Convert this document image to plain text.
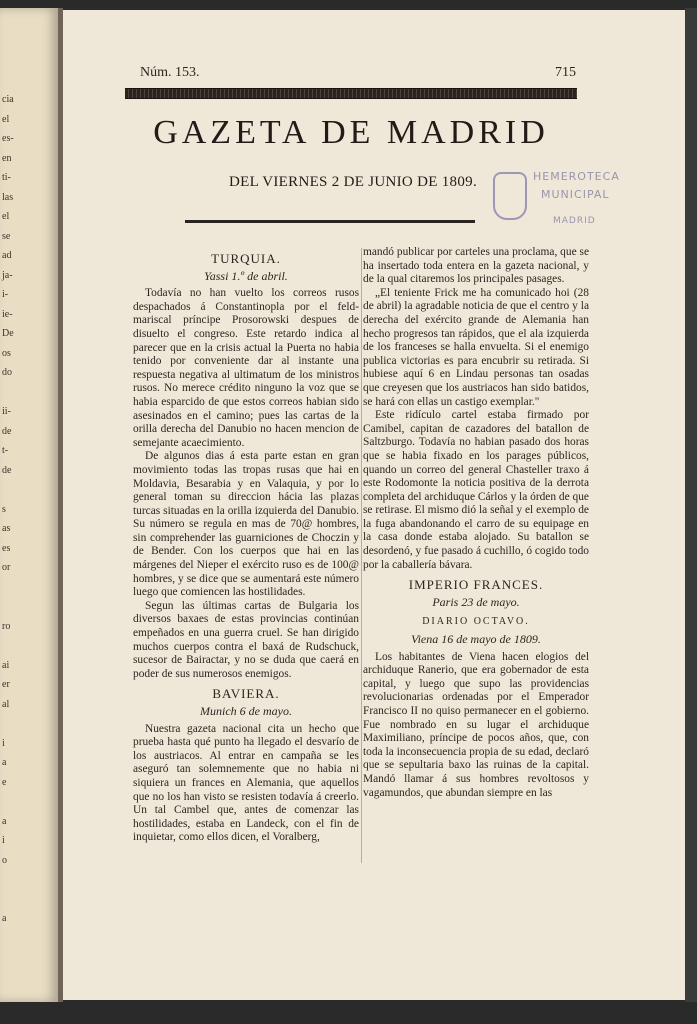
cia
el
es-
en
ti-
las
el
se
ad
ja-
i-
ie-
De
os
do
ii-
de
t-
de
s
as
es
or
ro
ai
er
al
i
a
e
a
i
o
a
Núm. 153.	715
GAZETA DE MADRID
DEL VIERNES 2 DE JUNIO DE 1809.	HEMEROTECA
MUNICIPAL
MADRID
TURQUIA.
Yassi 1.º de abril.

Todavía no han vuelto los correos rusos despachados á Constantinopla por el feld-mariscal príncipe Prosorowski despues de disuelto el congreso. Este retardo indica al parecer que en la crisis actual la Puerta no habia tenido por conveniente dar al instante una respuesta negativa al ultimatum de los ministros rusos. No merece crédito ninguno la voz que se habia esparcido de que estos correos habian sido asesinados en el camino; pues las cartas de la orilla derecha del Danubio no hacen mencion de semejante acaecimiento.

De algunos dias á esta parte estan en gran movimiento todas las tropas rusas que hai en Moldavia, Besarabia y en Valaquia, y por lo general toman su direccion hácia las plazas turcas situadas en la orilla izquierda del Danubio. Su número se regula en mas de 70@ hombres, sin comprehender las guarniciones de Choczin y de Bender. Con los cuerpos que hai en las márgenes del Nieper el exército ruso es de 100@ hombres, y se dice que se aumentará este número luego que comiencen las hostilidades.

Segun las últimas cartas de Bulgaria los diversos baxaes de estas provincias continúan empeñados en una guerra cruel. Se han dirigido muchos cuerpos contra el baxá de Rudschuck, sucesor de Bairactar, y no se duda que caerá en poder de sus numerosos enemigos.

BAVIERA.
Munich 6 de mayo.

Nuestra gazeta nacional cita un hecho que prueba hasta qué punto ha llegado el desvarío de los austriacos. Al entrar en campaña se les aseguró tan solemnemente que no habia ni siquiera un frances en Alemania, que aquellos que no los han visto se resisten todavía á creerlo. Un tal Cambel que, antes de comenzar las hostilidades, estaba en Landeck, con el fin de inquietar, como ellos dicen, el Voralberg,

mandó publicar por carteles una proclama, que se ha insertado toda entera en la gazeta nacional, y de la qual citaremos los principales pasages.

„El teniente Frick me ha comunicado hoi (28 de abril) la agradable noticia de que el centro y la derecha del exército grande de Alemania han hecho progresos tan rápidos, que el ala izquierda de los franceses se halla envuelta. Si el enemigo publica victorias es para encubrir su retirada. Si hubiese aquí 6 en Lindau personas tan osadas que creyesen que los austriacos han sido batidos, se hará con ellas un castigo exemplar."

Este ridículo cartel estaba firmado por Camibel, capitan de cazadores del batallon de Saltzburgo. Todavía no habian pasado dos horas que se habia fixado en los parages públicos, quando un correo del general Chasteller traxo á este Rodomonte la noticia positiva de la derrota completa del archiduque Cárlos y la órden de que se retirase. El mismo dió la señal y el exemplo de la fuga abandonando el carro de su equipage en la casa donde estaba alojado. Su batallon se desordenó, y fue pasado á cuchillo, ó cogido todo por la caballería bávara.

IMPERIO FRANCES.
Paris 23 de mayo.
DIARIO OCTAVO.
Viena 16 de mayo de 1809.

Los habitantes de Viena hacen elogios del archiduque Ranerio, que era gobernador de esta capital, y luego que supo las providencias revolucionarias ordenadas por el Emperador Francisco II no quiso permanecer en el gobierno. Fue nombrado en su lugar el archiduque Maximiliano, príncipe de pocos años, que, con toda la inconsecuencia propia de su edad, declaró que se sepultaria baxo las ruinas de la capital. Mandó llamar á sus hombres revoltosos y vagamundos, que abundan siempre en las
